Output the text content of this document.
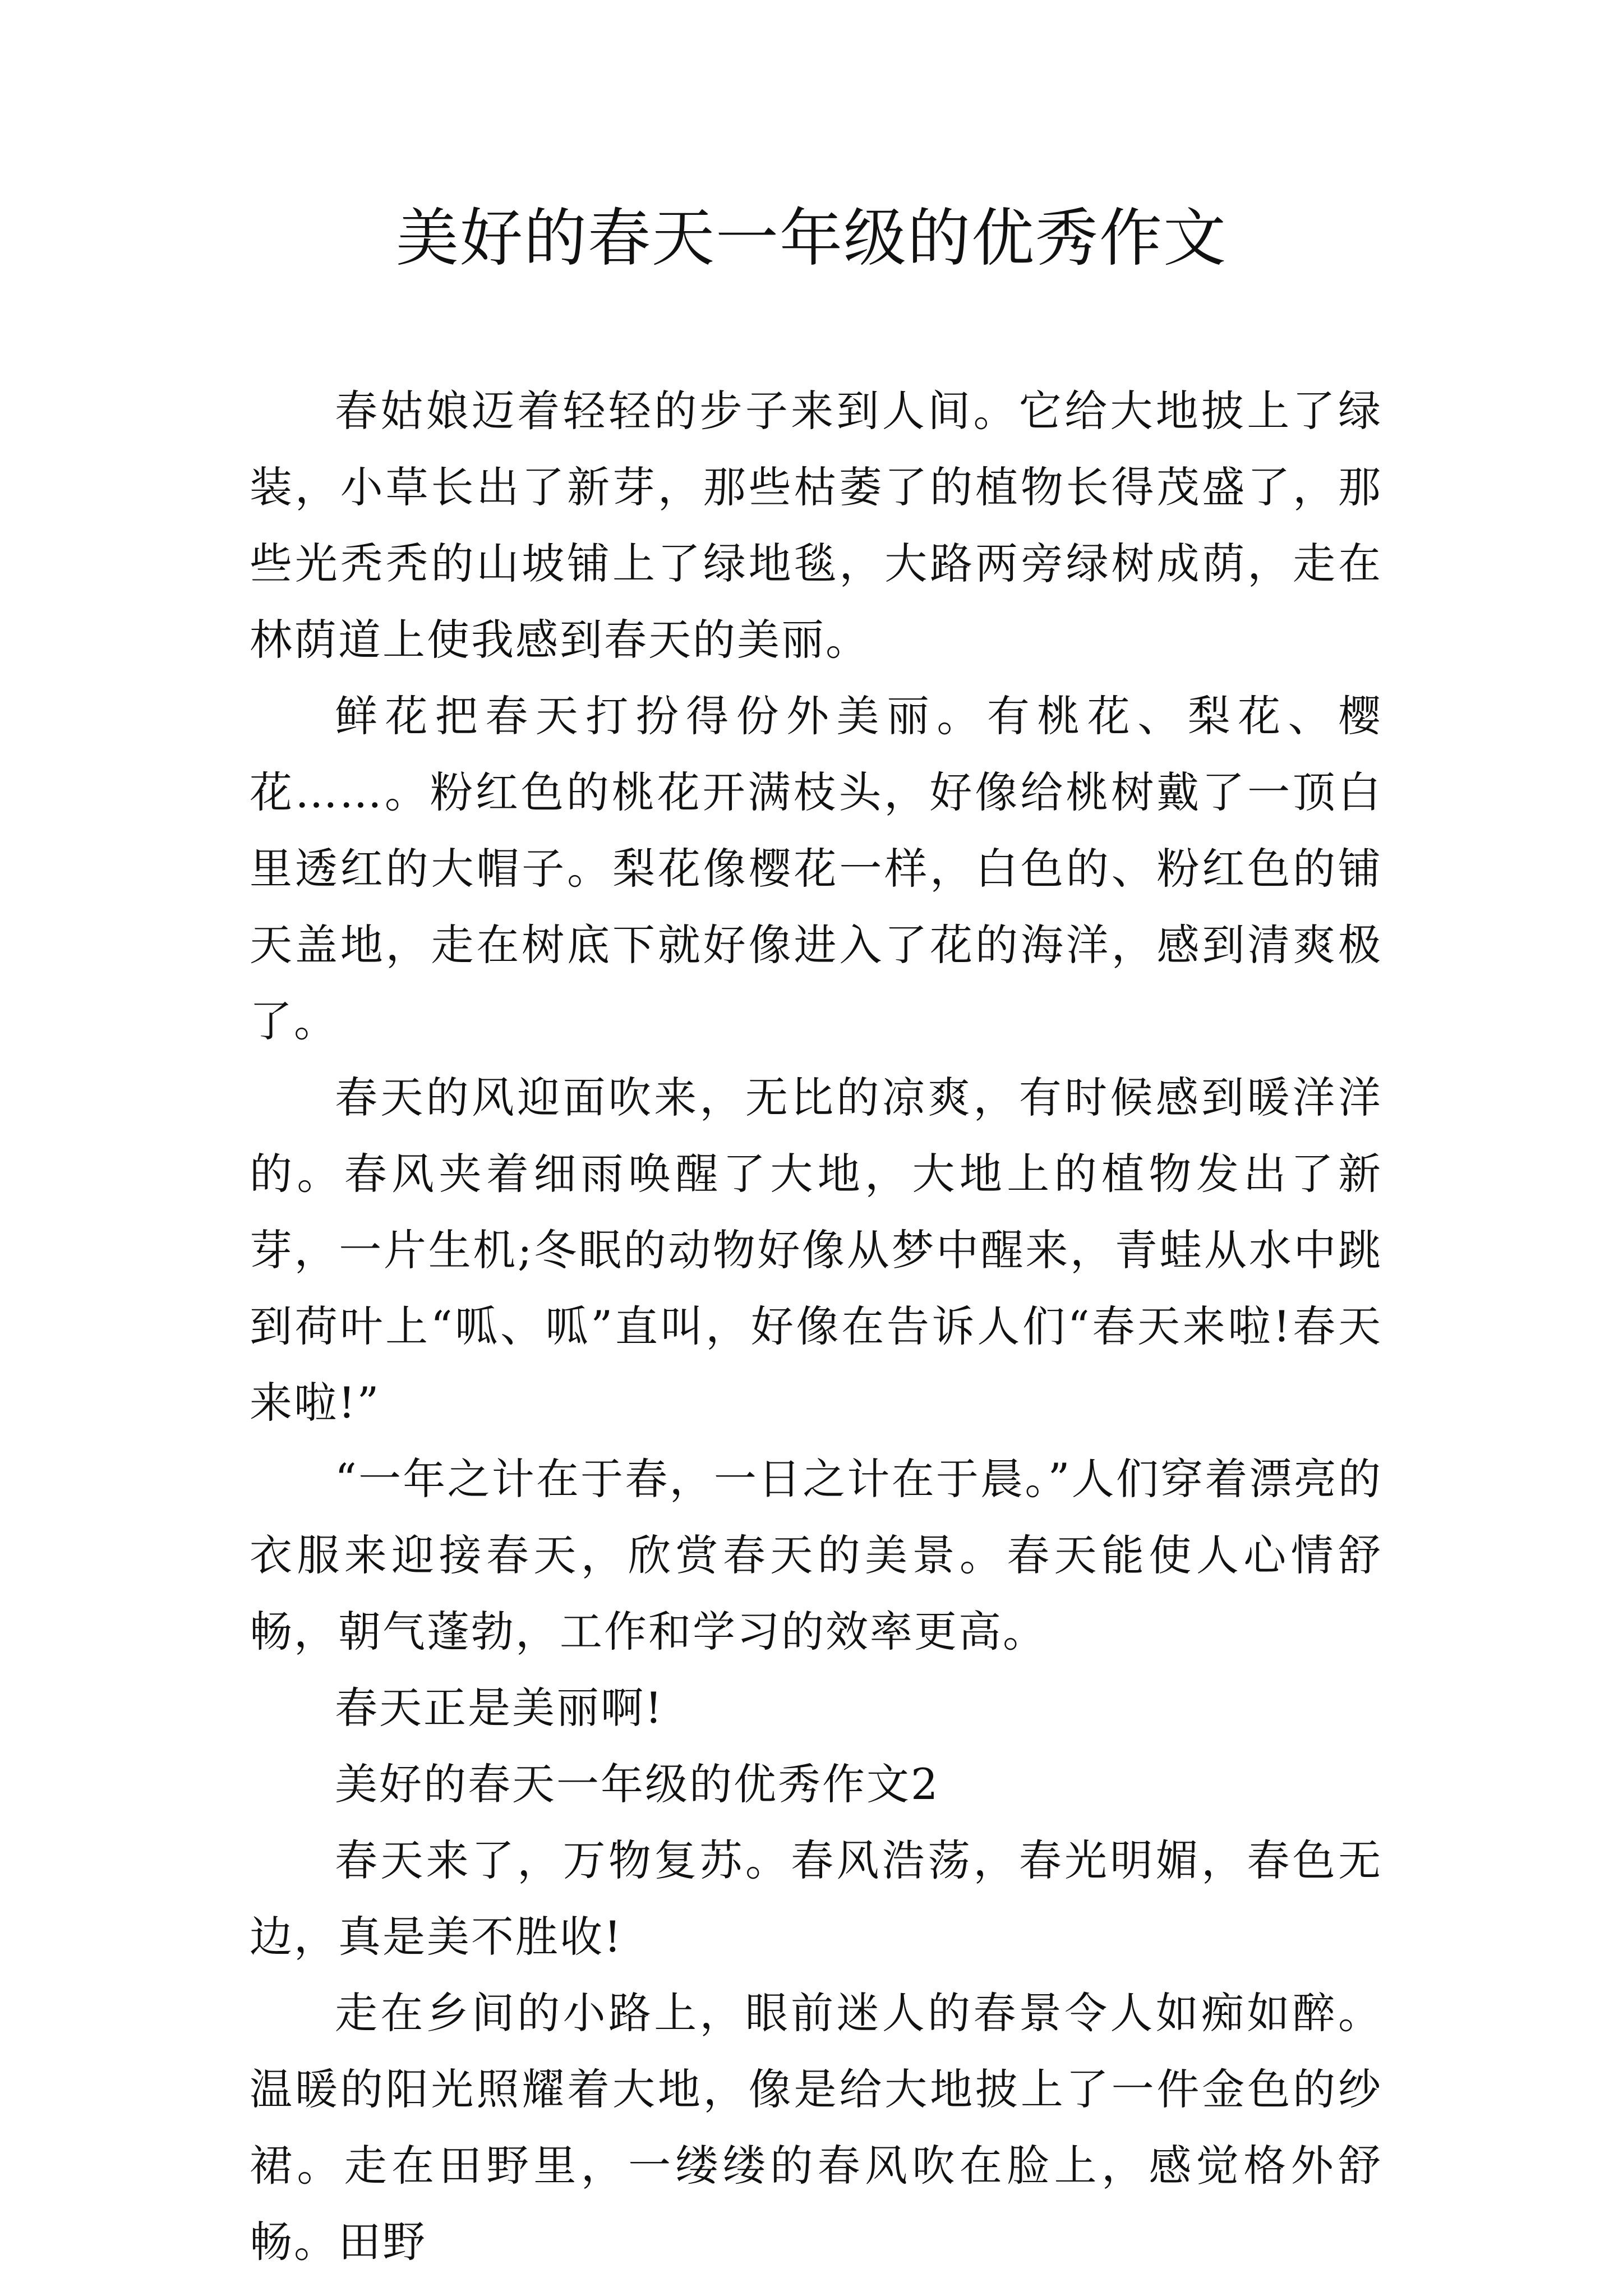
美好的春天一年级的优秀作文

春姑娘迈着轻轻的步子来到人间。它给大地披上了绿装，小草长出了新芽，那些枯萎了的植物长得茂盛了，那些光秃秃的山坡铺上了绿地毯，大路两旁绿树成荫，走在林荫道上使我感到春天的美丽。

鲜花把春天打扮得份外美丽。有桃花、梨花、樱花……。粉红色的桃花开满枝头，好像给桃树戴了一顶白里透红的大帽子。梨花像樱花一样，白色的、粉红色的铺天盖地，走在树底下就好像进入了花的海洋，感到清爽极了。

春天的风迎面吹来，无比的凉爽，有时候感到暖洋洋的。春风夹着细雨唤醒了大地，大地上的植物发出了新芽，一片生机;冬眠的动物好像从梦中醒来，青蛙从水中跳到荷叶上“呱、呱”直叫，好像在告诉人们“春天来啦!春天来啦!”

“一年之计在于春，一日之计在于晨。”人们穿着漂亮的衣服来迎接春天，欣赏春天的美景。春天能使人心情舒畅，朝气蓬勃，工作和学习的效率更高。

春天正是美丽啊!

美好的春天一年级的优秀作文2

春天来了，万物复苏。春风浩荡，春光明媚，春色无边，真是美不胜收!

走在乡间的小路上，眼前迷人的春景令人如痴如醉。温暖的阳光照耀着大地，像是给大地披上了一件金色的纱裙。走在田野里，一缕缕的春风吹在脸上，感觉格外舒畅。田野
